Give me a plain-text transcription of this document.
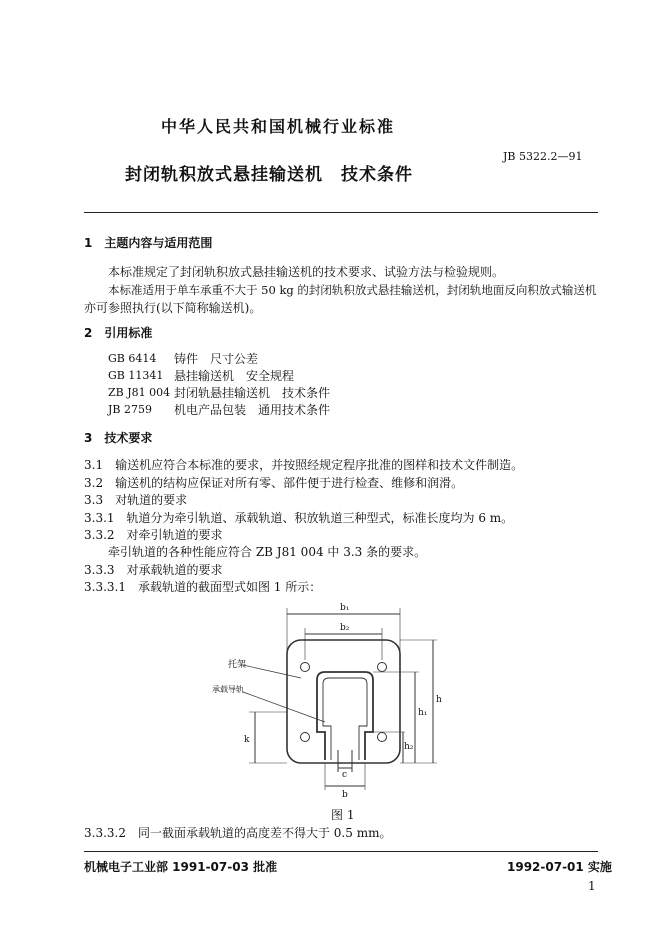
中华人民共和国机械行业标准
JB 5322.2—91
封闭轨积放式悬挂输送机　技术条件
1　主题内容与适用范围
本标准规定了封闭轨积放式悬挂输送机的技术要求、试验方法与检验规则。
本标准适用于单车承重不大于 50 kg 的封闭轨积放式悬挂输送机，封闭轨地面反向积放式输送机
亦可参照执行(以下简称输送机)。
2　引用标准
GB 6414 铸件　尺寸公差
GB 11341 悬挂输送机　安全规程
ZB J81 004 封闭轨悬挂输送机　技术条件
JB 2759 机电产品包装　通用技术条件
3　技术要求
3.1　输送机应符合本标准的要求，并按照经规定程序批准的图样和技术文件制造。
3.2　输送机的结构应保证对所有零、部件便于进行检查、维修和润滑。
3.3　对轨道的要求
3.3.1　轨道分为牵引轨道、承载轨道、积放轨道三种型式，标准长度均为 6 m。
3.3.2　对牵引轨道的要求
牵引轨道的各种性能应符合 ZB J81 004 中 3.3 条的要求。
3.3.3　对承载轨道的要求
3.3.3.1　承载轨道的截面型式如图 1 所示：
b₁
b₂
托架
承载导轨
k
h
h₁
h₂
c
b
图 1
3.3.3.2　同一截面承载轨道的高度差不得大于 0.5 mm。
机械电子工业部 1991-07-03 批准	1992-07-01 实施
1
